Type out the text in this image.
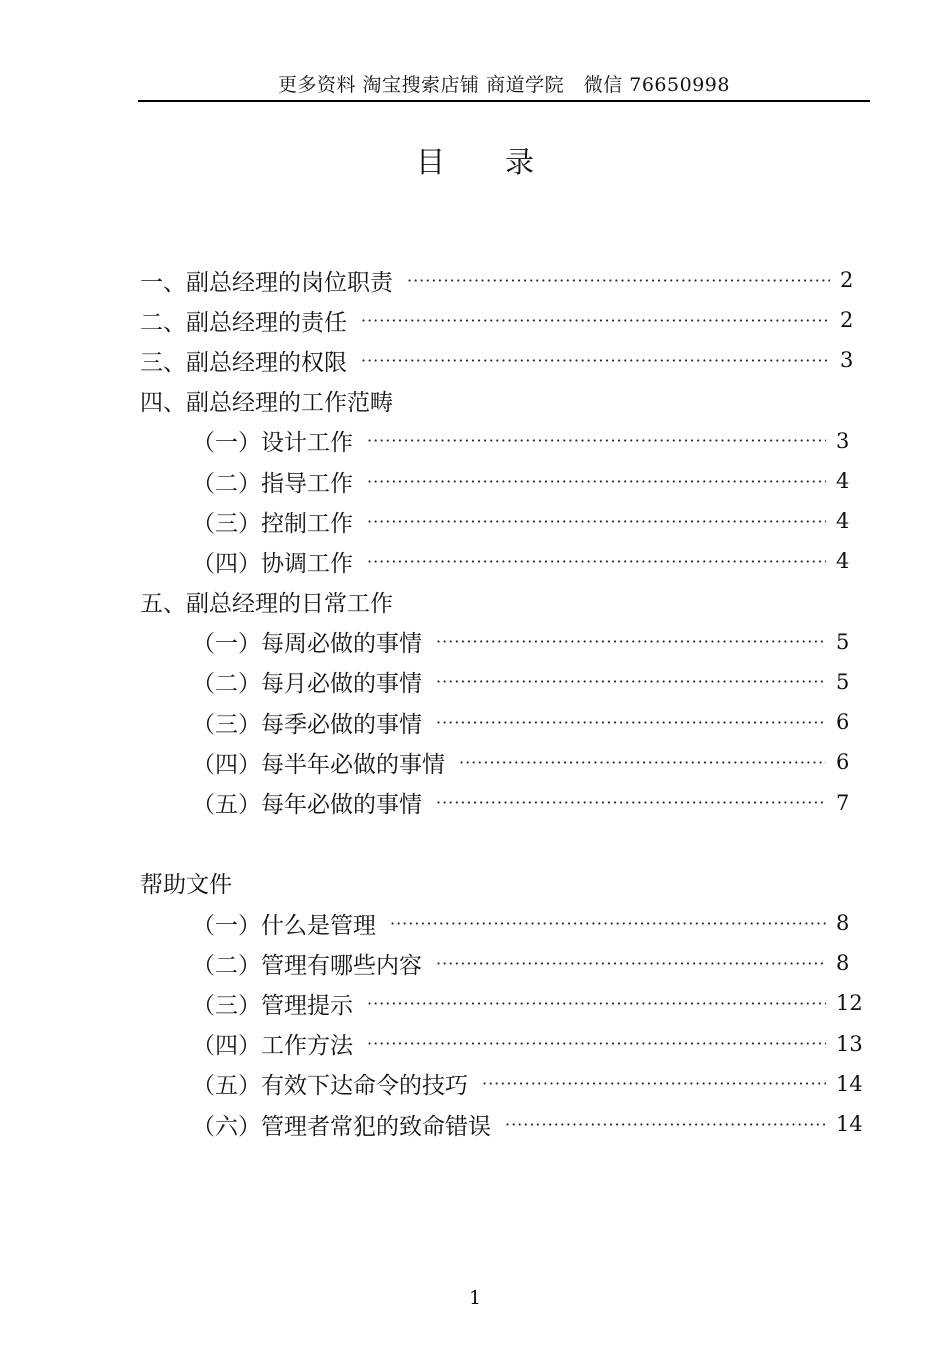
更多资料 淘宝搜索店铺 商道学院   微信 76650998
目 录
一、副总经理的岗位职责 ·····	2
二、副总经理的责任 ·····	2
三、副总经理的权限 ·····	3
四、副总经理的工作范畴
（一）设计工作 ·····	3
（二）指导工作 ·····	4
（三）控制工作 ·····	4
（四）协调工作 ·····	4
五、副总经理的日常工作
（一）每周必做的事情 ·····	5
（二）每月必做的事情 ·····	5
（三）每季必做的事情 ·····	6
（四）每半年必做的事情 ·····	6
（五）每年必做的事情 ·····	7
帮助文件
（一）什么是管理 ·····	8
（二）管理有哪些内容 ·····	8
（三）管理提示 ·····	12
（四）工作方法 ·····	13
（五）有效下达命令的技巧 ·····	14
（六）管理者常犯的致命错误 ·····	14
1
